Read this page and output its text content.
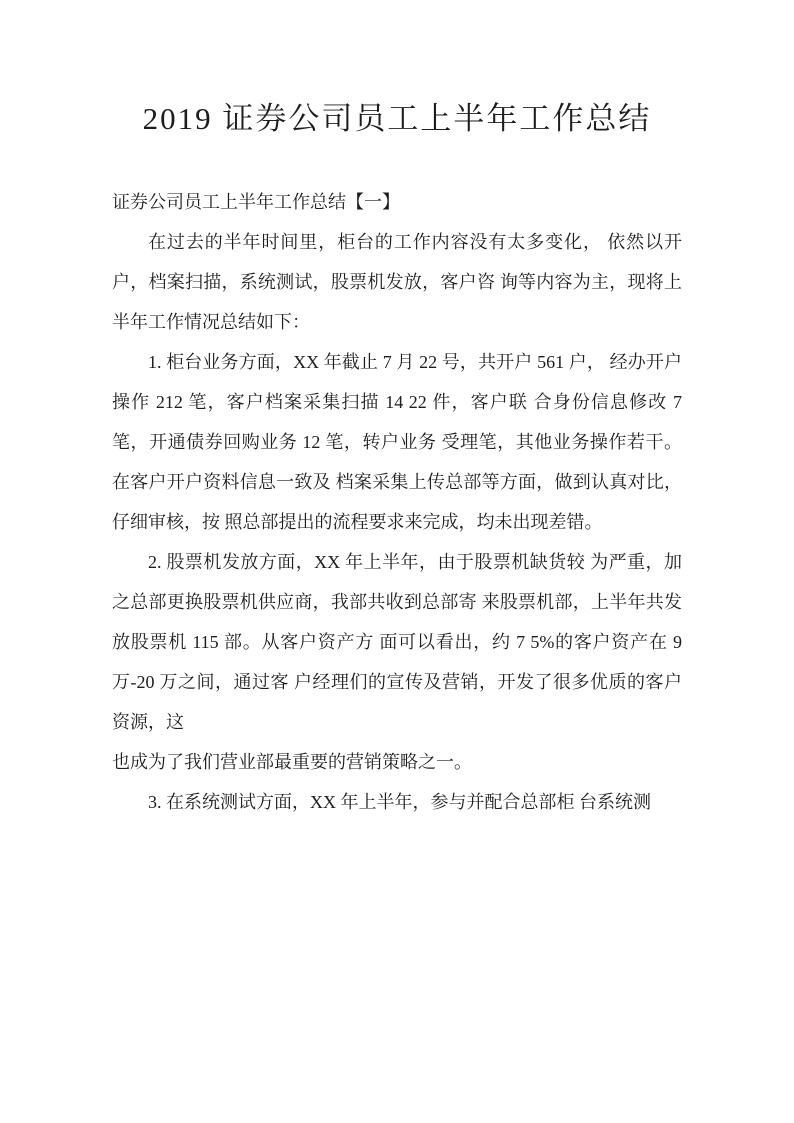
2019 证券公司员工上半年工作总结

证券公司员工上半年工作总结【一】

在过去的半年时间里，柜台的工作内容没有太多变化， 依然以开户，档案扫描，系统测试，股票机发放，客户咨 询等内容为主，现将上半年工作情况总结如下：

1. 柜台业务方面，XX 年截止 7 月 22 号，共开户 561 户， 经办开户操作 212 笔，客户档案采集扫描 14 22 件，客户联 合身份信息修改 7 笔，开通债券回购业务 12 笔，转户业务 受理笔，其他业务操作若干。在客户开户资料信息一致及 档案采集上传总部等方面，做到认真对比，仔细审核，按 照总部提出的流程要求来完成，均未出现差错。

2. 股票机发放方面，XX 年上半年，由于股票机缺货较 为严重，加之总部更换股票机供应商，我部共收到总部寄 来股票机部，上半年共发放股票机 115 部。从客户资产方 面可以看出，约 7 5%的客户资产在 9 万-20 万之间，通过客 户经理们的宣传及营销，开发了很多优质的客户资源，这

也成为了我们营业部最重要的营销策略之一。

3. 在系统测试方面，XX 年上半年，参与并配合总部柜 台系统测
